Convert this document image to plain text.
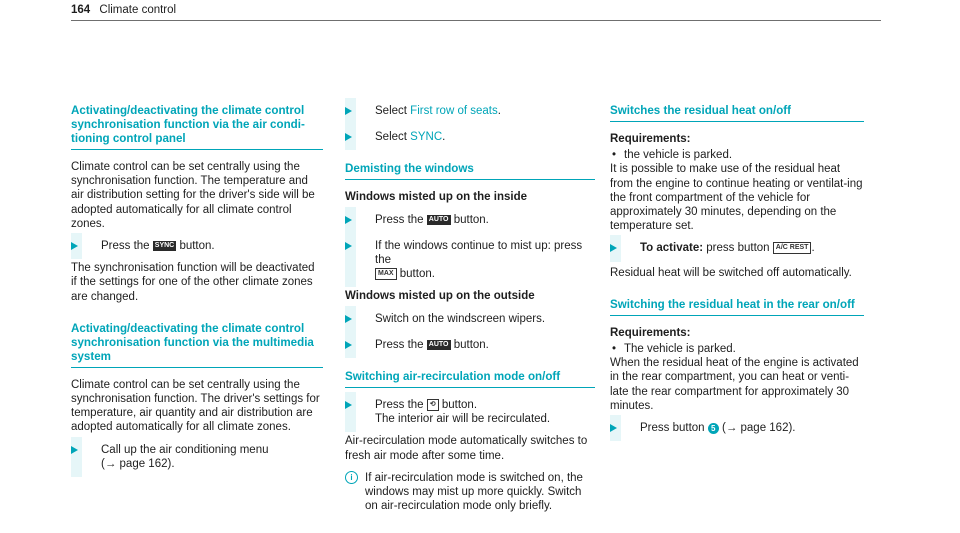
164 Climate control
Activating/deactivating the climate control synchronisation function via the air condi-tioning control panel

Climate control can be set centrally using the synchronisation function. The temperature and air distribution setting for the driver's side will be adopted automatically for all climate control zones.

Press the SYNC button.

The synchronisation function will be deactivated if the settings for one of the other climate zones are changed.

Activating/deactivating the climate control synchronisation function via the multimedia system

Climate control can be set centrally using the synchronisation function. The driver's settings for temperature, air quantity and air distribution are adopted automatically for all climate zones.

Call up the air conditioning menu
(→ page 162).
Select First row of seats.
Select SYNC.
Demisting the windows
Windows misted up on the inside
Press the AUTO button.
If the windows continue to mist up: press the
MAX button.
Windows misted up on the outside
Switch on the windscreen wipers.
Press the AUTO button.
Switching air-recirculation mode on/off
Press the ⟲ button.
The interior air will be recirculated.

Air-recirculation mode automatically switches to fresh air mode after some time.

i	If air-recirculation mode is switched on, the windows may mist up more quickly. Switch on air-recirculation mode only briefly.
Switches the residual heat on/off
Requirements:

• the vehicle is parked.

It is possible to make use of the residual heat from the engine to continue heating or ventilat-ing the front compartment of the vehicle for approximately 30 minutes, depending on the temperature set.

To activate: press button A/C REST .

Residual heat will be switched off automatically.

Switching the residual heat in the rear on/off
Requirements:

• The vehicle is parked.

When the residual heat of the engine is activated in the rear compartment, you can heat or venti-late the rear compartment for approximately 30 minutes.

Press button 5 (→ page 162).
